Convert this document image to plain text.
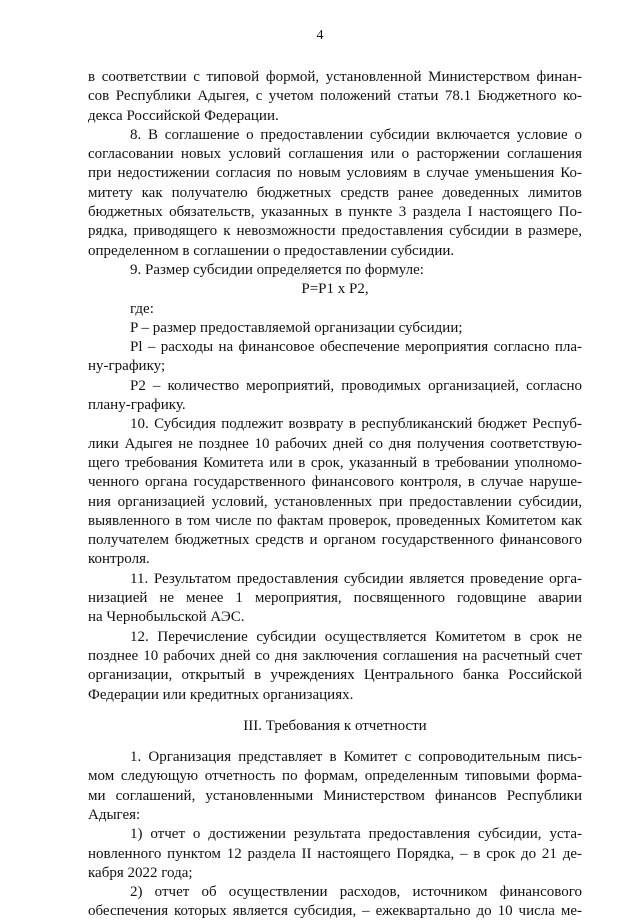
4
в соответствии с типовой формой, установленной Министерством финан-
сов Республики Адыгея, с учетом положений статьи 78.1 Бюджетного ко-
декса Российской Федерации.
8. В соглашение о предоставлении субсидии включается условие о
согласовании новых условий соглашения или о расторжении соглашения
при недостижении согласия по новым условиям в случае уменьшения Ко-
митету как получателю бюджетных средств ранее доведенных лимитов
бюджетных обязательств, указанных в пункте 3 раздела I настоящего По-
рядка, приводящего к невозможности предоставления субсидии в размере,
определенном в соглашении о предоставлении субсидии.
9. Размер субсидии определяется по формуле:
P=P1 x P2,
где:
P – размер предоставляемой организации субсидии;
Pl – расходы на финансовое обеспечение мероприятия согласно пла-
ну-графику;
P2 – количество мероприятий, проводимых организацией, согласно
плану-графику.
10. Субсидия подлежит возврату в республиканский бюджет Респуб-
лики Адыгея не позднее 10 рабочих дней со дня получения соответствую-
щего требования Комитета или в срок, указанный в требовании уполномо-
ченного органа государственного финансового контроля, в случае наруше-
ния организацией условий, установленных при предоставлении субсидии,
выявленного в том числе по фактам проверок, проведенных Комитетом как
получателем бюджетных средств и органом государственного финансового
контроля.
11. Результатом предоставления субсидии является проведение орга-
низацией не менее 1 мероприятия, посвященного годовщине аварии
на Чернобыльской АЭС.
12. Перечисление субсидии осуществляется Комитетом в срок не
позднее 10 рабочих дней со дня заключения соглашения на расчетный счет
организации, открытый в учреждениях Центрального банка Российской
Федерации или кредитных организациях.
III. Требования к отчетности
1. Организация представляет в Комитет с сопроводительным пись-
мом следующую отчетность по формам, определенным типовыми форма-
ми соглашений, установленными Министерством финансов Республики
Адыгея:
1) отчет о достижении результата предоставления субсидии, уста-
новленного пунктом 12 раздела II настоящего Порядка, – в срок до 21 де-
кабря 2022 года;
2) отчет об осуществлении расходов, источником финансового
обеспечения которых является субсидия, – ежеквартально до 10 числа ме-
